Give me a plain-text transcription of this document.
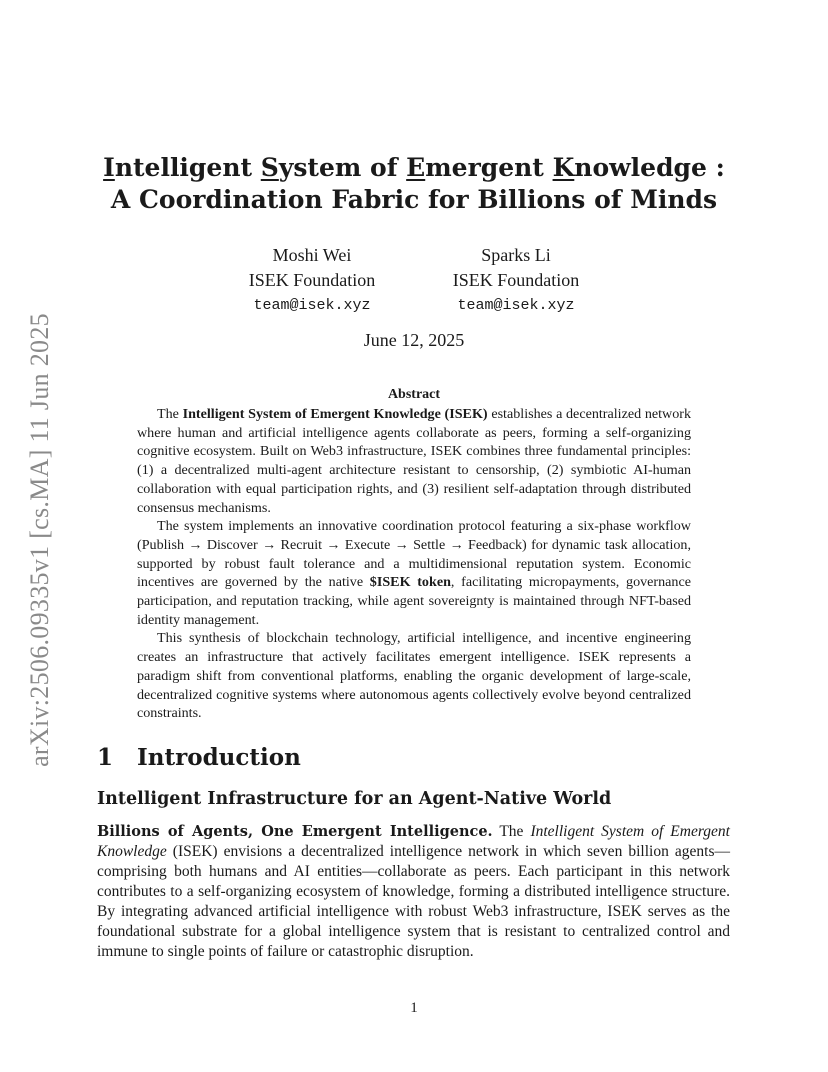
arXiv:2506.09335v1 [cs.MA] 11 Jun 2025
Intelligent System of Emergent Knowledge :
A Coordination Fabric for Billions of Minds
Moshi Wei
ISEK Foundation
team@isek.xyz
Sparks Li
ISEK Foundation
team@isek.xyz
June 12, 2025
Abstract

The Intelligent System of Emergent Knowledge (ISEK) establishes a decentralized network where human and artificial intelligence agents collaborate as peers, forming a self-organizing cognitive ecosystem. Built on Web3 infrastructure, ISEK combines three fundamental principles: (1) a decentralized multi-agent architecture resistant to censorship, (2) symbiotic AI-human collaboration with equal participation rights, and (3) resilient self-adaptation through distributed consensus mechanisms.

The system implements an innovative coordination protocol featuring a six-phase workflow (Publish → Discover → Recruit → Execute → Settle → Feedback) for dynamic task allocation, supported by robust fault tolerance and a multidimensional reputation system. Economic incentives are governed by the native $ISEK token, facilitating micropayments, governance participation, and reputation tracking, while agent sovereignty is maintained through NFT-based identity management.

This synthesis of blockchain technology, artificial intelligence, and incentive engineering creates an infrastructure that actively facilitates emergent intelligence. ISEK represents a paradigm shift from conventional platforms, enabling the organic development of large-scale, decentralized cognitive systems where autonomous agents collectively evolve beyond centralized constraints.

1 Introduction
Intelligent Infrastructure for an Agent-Native World

Billions of Agents, One Emergent Intelligence. The Intelligent System of Emergent Knowledge (ISEK) envisions a decentralized intelligence network in which seven billion agents—comprising both humans and AI entities—collaborate as peers. Each participant in this network contributes to a self-organizing ecosystem of knowledge, forming a distributed intelligence structure. By integrating advanced artificial intelligence with robust Web3 infrastructure, ISEK serves as the foundational substrate for a global intelligence system that is resistant to centralized control and immune to single points of failure or catastrophic disruption.

1
